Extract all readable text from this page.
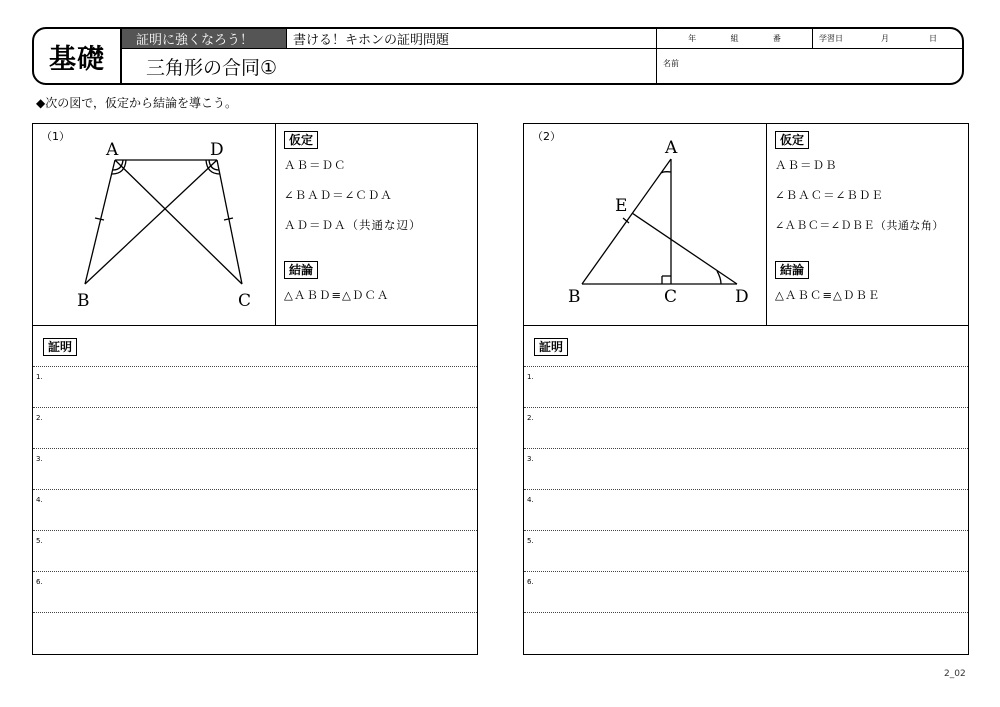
基礎
証明に強くなろう！	書ける！キホンの証明問題
三角形の合同①
年	組	番	学習日	月	日
名前
◆次の図で，仮定から結論を導こう。
（1）
A	D
B	C
仮定

ＡＢ＝ＤＣ

∠ＢＡＤ＝∠ＣＤＡ

ＡＤ＝ＤＡ（共通な辺）

結論

△ＡＢＤ≡△ＤＣＡ

証明
1.
2.
3.
4.
5.
6.
（2）
A
E
B	C	D
仮定

ＡＢ＝ＤＢ

∠ＢＡＣ＝∠ＢＤＥ

∠ＡＢＣ＝∠ＤＢＥ（共通な角）

結論

△ＡＢＣ≡△ＤＢＥ

証明
1.
2.
3.
4.
5.
6.
2_02
